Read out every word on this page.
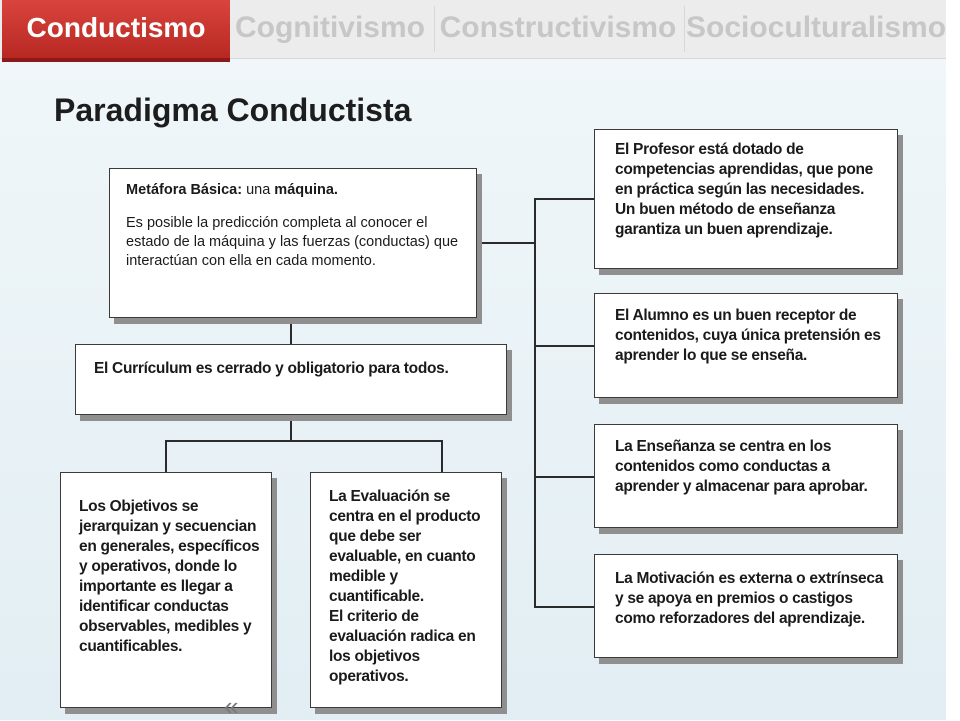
Conductismo Cognitivismo Constructivismo Socioculturalismo
Paradigma Conductista

Metáfora Básica: una máquina.

Es posible la predicción completa al conocer el estado de la máquina y las fuerzas (conductas) que interactúan con ella en cada momento.

El Currículum es cerrado y obligatorio para todos.

Los Objetivos se jerarquizan y secuencian en generales, específicos y operativos, donde lo importante es llegar a identificar conductas observables, medibles y cuantificables.

La Evaluación se centra en el producto que debe ser evaluable, en cuanto medible y cuantificable.

El criterio de evaluación radica en los objetivos operativos.

El Profesor está dotado de competencias aprendidas, que pone en práctica según las necesidades. Un buen método de enseñanza garantiza un buen aprendizaje.

El Alumno es un buen receptor de contenidos, cuya única pretensión es aprender lo que se enseña.

La Enseñanza se centra en los contenidos como conductas a aprender y almacenar para aprobar.

La Motivación es externa o extrínseca y se apoya en premios o castigos como reforzadores del aprendizaje.

«
